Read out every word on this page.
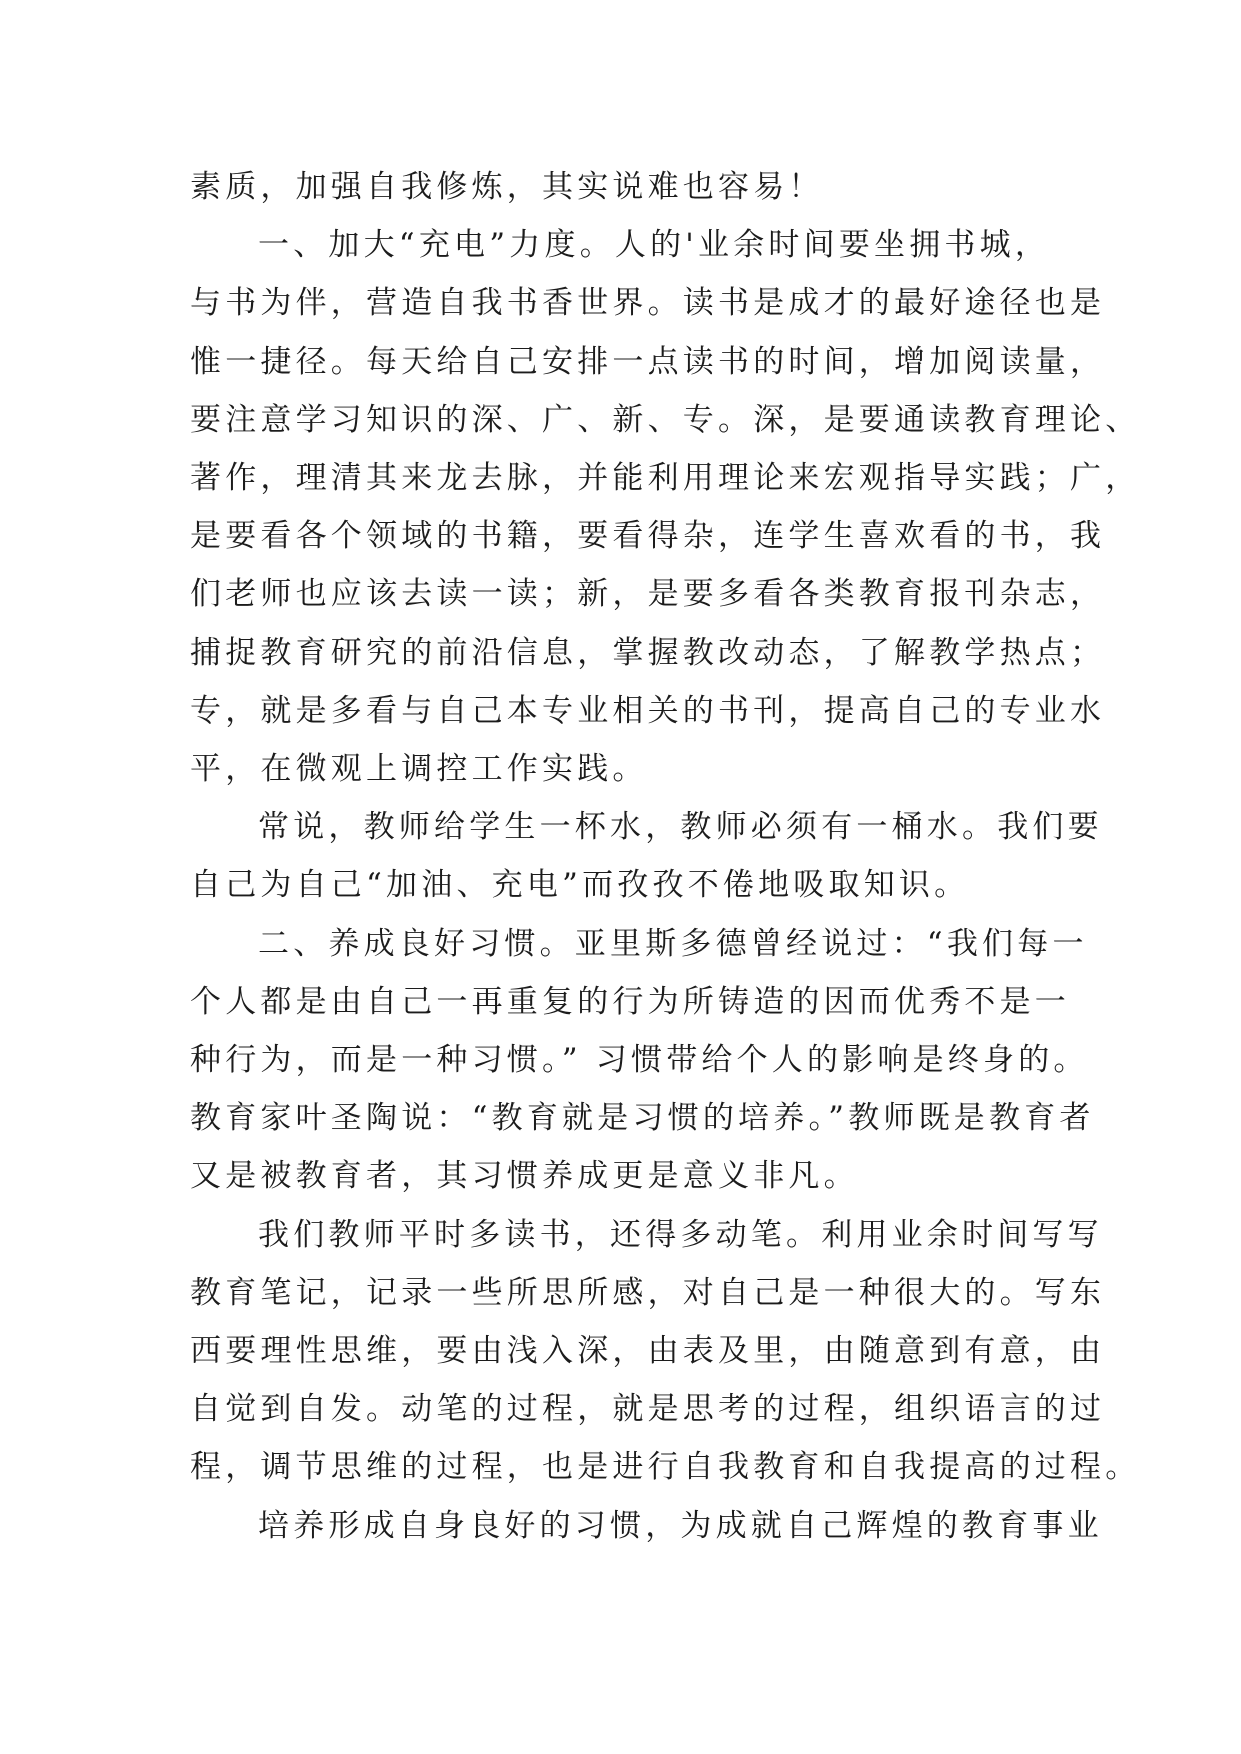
素质，加强自我修炼，其实说难也容易！

一、加大“充电”力度。人的'业余时间要坐拥书城，
与书为伴，营造自我书香世界。读书是成才的最好途径也是
惟一捷径。每天给自己安排一点读书的时间，增加阅读量，
要注意学习知识的深、广、新、专。深，是要通读教育理论、
著作，理清其来龙去脉，并能利用理论来宏观指导实践；广，
是要看各个领域的书籍，要看得杂，连学生喜欢看的书，我
们老师也应该去读一读；新，是要多看各类教育报刊杂志，
捕捉教育研究的前沿信息，掌握教改动态，了解教学热点；
专，就是多看与自己本专业相关的书刊，提高自己的专业水
平，在微观上调控工作实践。

常说，教师给学生一杯水，教师必须有一桶水。我们要
自己为自己“加油、充电”而孜孜不倦地吸取知识。

二、养成良好习惯。亚里斯多德曾经说过：“我们每一
个人都是由自己一再重复的行为所铸造的因而优秀不是一
种行为，而是一种习惯。” 习惯带给个人的影响是终身的。
教育家叶圣陶说：“教育就是习惯的培养。”教师既是教育者
又是被教育者，其习惯养成更是意义非凡。

我们教师平时多读书，还得多动笔。利用业余时间写写
教育笔记，记录一些所思所感，对自己是一种很大的。写东
西要理性思维，要由浅入深，由表及里，由随意到有意，由
自觉到自发。动笔的过程，就是思考的过程，组织语言的过
程，调节思维的过程，也是进行自我教育和自我提高的过程。

培养形成自身良好的习惯，为成就自己辉煌的教育事业
